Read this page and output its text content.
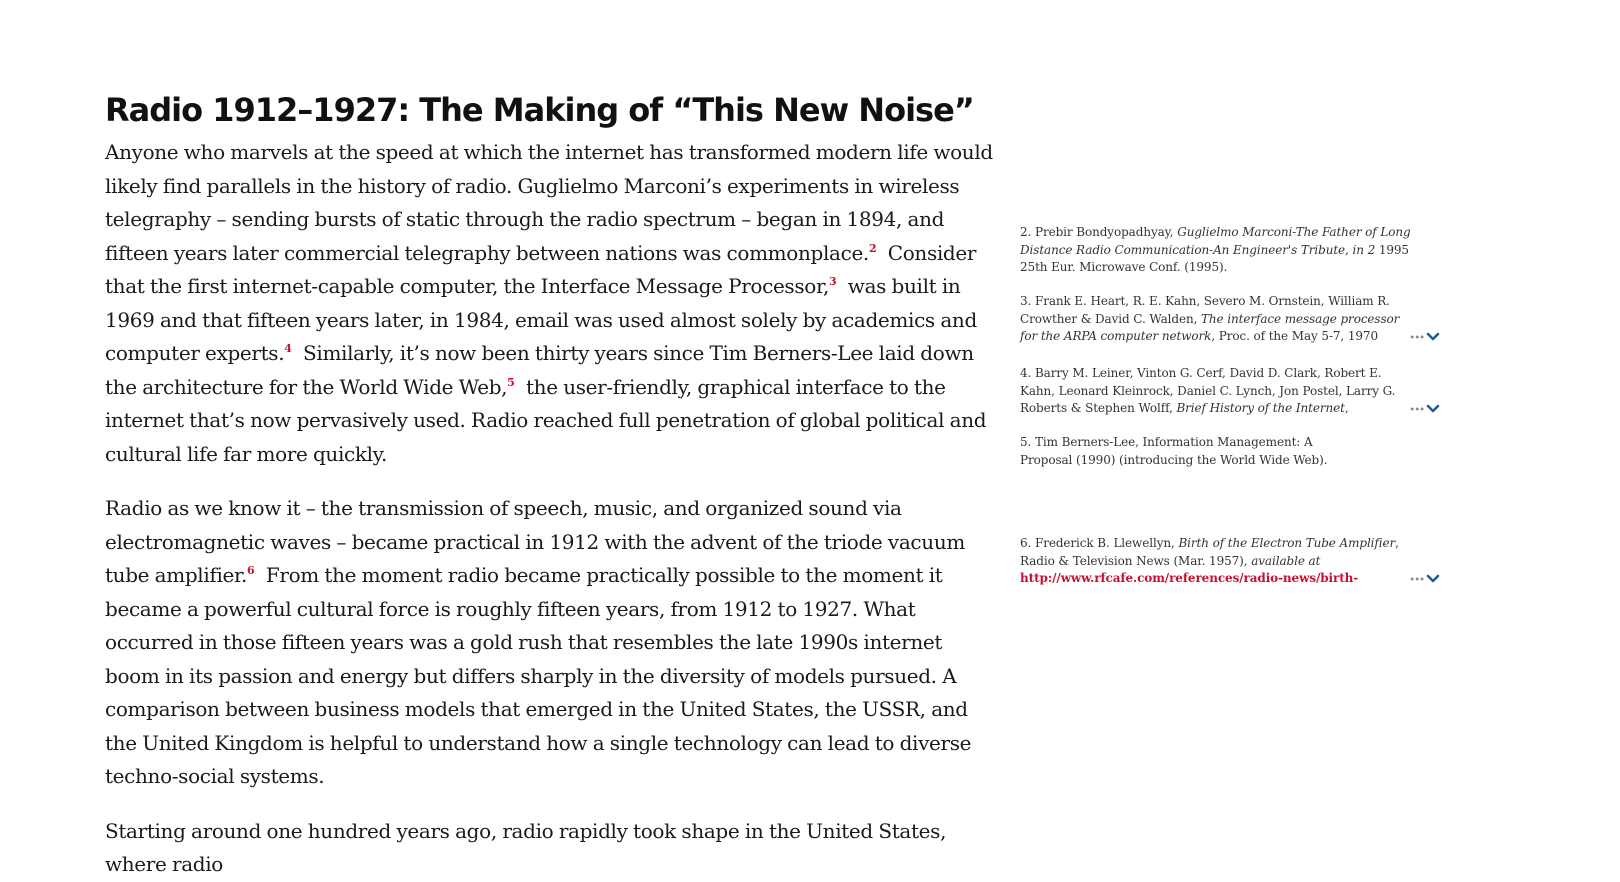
Radio 1912–1927: The Making of “This New Noise”

Anyone who marvels at the speed at which the internet has transformed modern life would likely find parallels in the history of radio. Guglielmo Marconi’s experiments in wireless telegraphy – sending bursts of static through the radio spectrum – began in 1894, and fifteen years later commercial telegraphy between nations was commonplace.$^2$ Consider that the first internet-capable computer, the Interface Message Processor,$^3$ was built in 1969 and that fifteen years later, in 1984, email was used almost solely by academics and computer experts.$^4$ Similarly, it’s now been thirty years since Tim Berners-Lee laid down the architecture for the World Wide Web,$^5$ the user-friendly, graphical interface to the internet that’s now pervasively used. Radio reached full penetration of global political and cultural life far more quickly.

Radio as we know it – the transmission of speech, music, and organized sound via electromagnetic waves – became practical in 1912 with the advent of the triode vacuum tube amplifier.$^6$ From the moment radio became practically possible to the moment it became a powerful cultural force is roughly fifteen years, from 1912 to 1927. What occurred in those fifteen years was a gold rush that resembles the late 1990s internet boom in its passion and energy but differs sharply in the diversity of models pursued. A comparison between business models that emerged in the United States, the USSR, and the United Kingdom is helpful to understand how a single technology can lead to diverse techno-social systems.

Starting around one hundred years ago, radio rapidly took shape in the United States, where radio

2. Prebir Bondyopadhyay, Guglielmo Marconi-The Father of Long Distance Radio Communication-An Engineer's Tribute, in 2 1995 25th Eur. Microwave Conf. (1995).
3. Frank E. Heart, R. E. Kahn, Severo M. Ornstein, William R. Crowther & David C. Walden, The interface message processor for the ARPA computer network, Proc. of the May 5-7, 1970	•••
4. Barry M. Leiner, Vinton G. Cerf, David D. Clark, Robert E. Kahn, Leonard Kleinrock, Daniel C. Lynch, Jon Postel, Larry G. Roberts & Stephen Wolff, Brief History of the Internet,	•••
5. Tim Berners-Lee, Information Management: A Proposal (1990) (introducing the World Wide Web).
6. Frederick B. Llewellyn, Birth of the Electron Tube Amplifier, Radio & Television News (Mar. 1957), available at http://www.rfcafe.com/references/radio-news/birth-	•••
